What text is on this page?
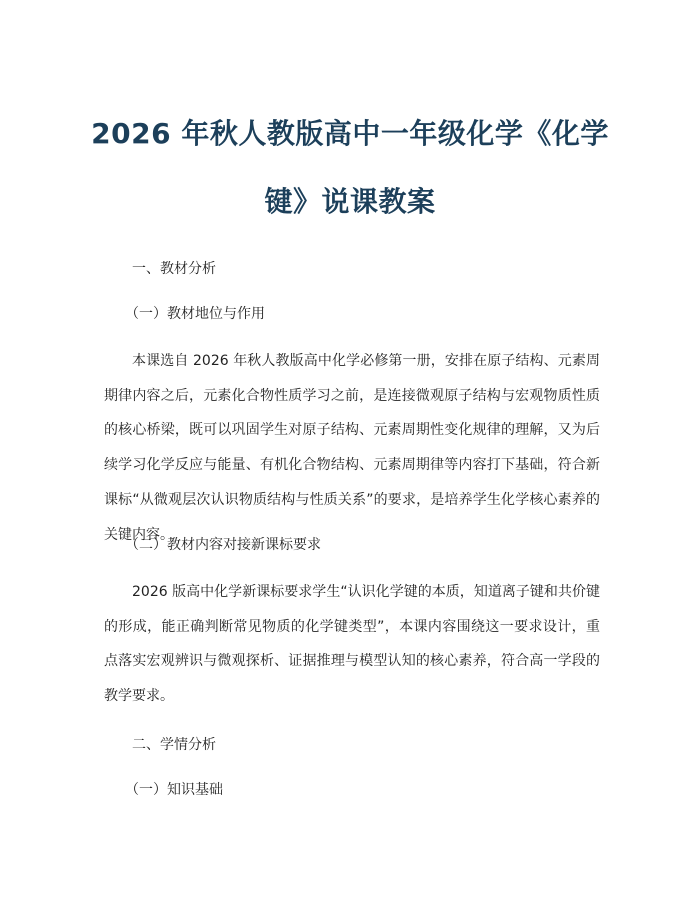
2026 年秋人教版高中一年级化学《化学
键》说课教案
一、教材分析
（一）教材地位与作用

本课选自 2026 年秋人教版高中化学必修第一册，安排在原子结构、元素周期律内容之后，元素化合物性质学习之前，是连接微观原子结构与宏观物质性质的核心桥梁，既可以巩固学生对原子结构、元素周期性变化规律的理解，又为后续学习化学反应与能量、有机化合物结构、元素周期律等内容打下基础，符合新课标“从微观层次认识物质结构与性质关系”的要求，是培养学生化学核心素养的关键内容。

（二）教材内容对接新课标要求

2026 版高中化学新课标要求学生“认识化学键的本质，知道离子键和共价键的形成，能正确判断常见物质的化学键类型”，本课内容围绕这一要求设计，重点落实宏观辨识与微观探析、证据推理与模型认知的核心素养，符合高一学段的教学要求。

二、学情分析
（一）知识基础
